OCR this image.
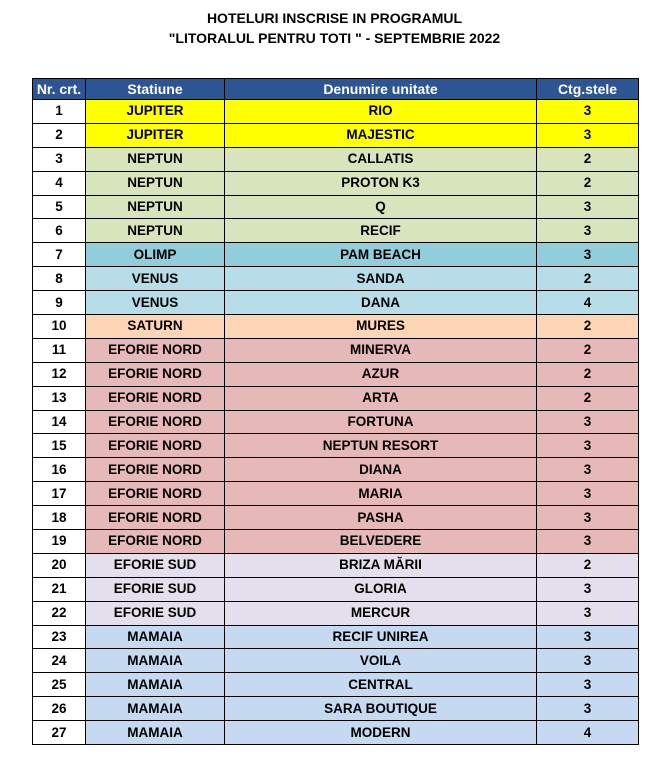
HOTELURI INSCRISE IN PROGRAMUL
"LITORALUL PENTRU TOTI " - SEPTEMBRIE 2022
Nr. crt.	Statiune	Denumire unitate	Ctg.stele
1	JUPITER	RIO	3
2	JUPITER	MAJESTIC	3
3	NEPTUN	CALLATIS	2
4	NEPTUN	PROTON K3	2
5	NEPTUN	Q	3
6	NEPTUN	RECIF	3
7	OLIMP	PAM BEACH	3
8	VENUS	SANDA	2
9	VENUS	DANA	4
10	SATURN	MURES	2
11	EFORIE NORD	MINERVA	2
12	EFORIE NORD	AZUR	2
13	EFORIE NORD	ARTA	2
14	EFORIE NORD	FORTUNA	3
15	EFORIE NORD	NEPTUN RESORT	3
16	EFORIE NORD	DIANA	3
17	EFORIE NORD	MARIA	3
18	EFORIE NORD	PASHA	3
19	EFORIE NORD	BELVEDERE	3
20	EFORIE SUD	BRIZA MĂRII	2
21	EFORIE SUD	GLORIA	3
22	EFORIE SUD	MERCUR	3
23	MAMAIA	RECIF UNIREA	3
24	MAMAIA	VOILA	3
25	MAMAIA	CENTRAL	3
26	MAMAIA	SARA BOUTIQUE	3
27	MAMAIA	MODERN	4
